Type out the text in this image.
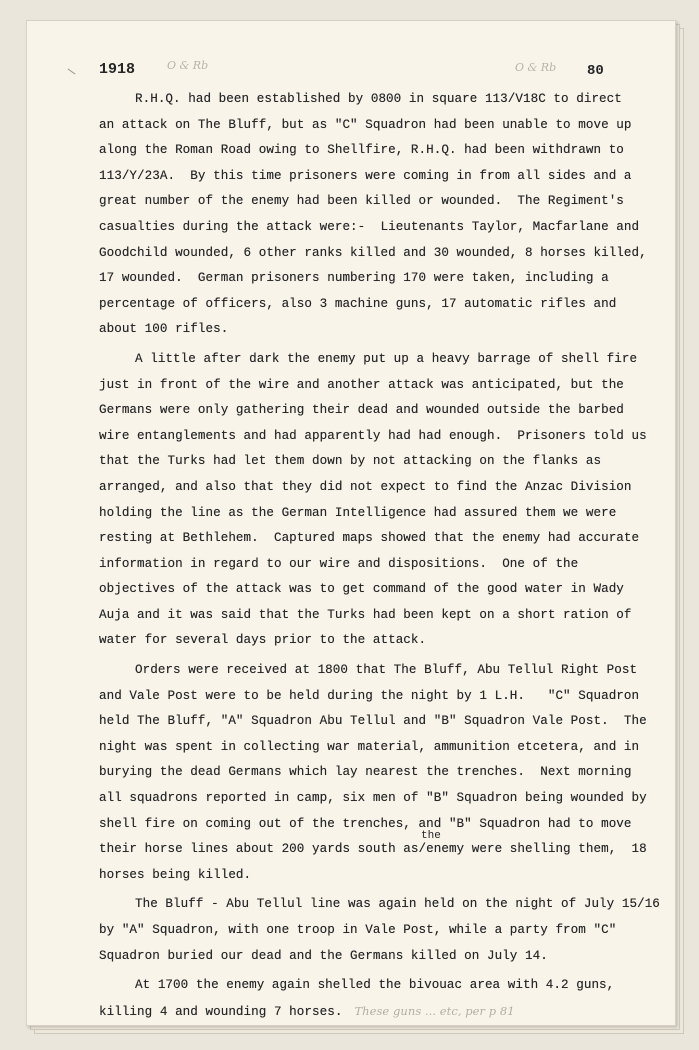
1918	O & Rb	O & Rb 80
R.H.Q. had been established by 0800 in square 113/V18C to direct
an attack on The Bluff, but as "C" Squadron had been unable to move up
along the Roman Road owing to Shellfire, R.H.Q. had been withdrawn to
113/Y/23A.  By this time prisoners were coming in from all sides and a
great number of the enemy had been killed or wounded.  The Regiment's
casualties during the attack were:-  Lieutenants Taylor, Macfarlane and
Goodchild wounded, 6 other ranks killed and 30 wounded, 8 horses killed,
17 wounded.  German prisoners numbering 170 were taken, including a
percentage of officers, also 3 machine guns, 17 automatic rifles and
about 100 rifles.
A little after dark the enemy put up a heavy barrage of shell fire
just in front of the wire and another attack was anticipated, but the
Germans were only gathering their dead and wounded outside the barbed
wire entanglements and had apparently had had enough.  Prisoners told us
that the Turks had let them down by not attacking on the flanks as
arranged, and also that they did not expect to find the Anzac Division
holding the line as the German Intelligence had assured them we were
resting at Bethlehem.  Captured maps showed that the enemy had accurate
information in regard to our wire and dispositions.  One of the
objectives of the attack was to get command of the good water in Wady
Auja and it was said that the Turks had been kept on a short ration of
water for several days prior to the attack.
Orders were received at 1800 that The Bluff, Abu Tellul Right Post
and Vale Post were to be held during the night by 1 L.H.   "C" Squadron
held The Bluff, "A" Squadron Abu Tellul and "B" Squadron Vale Post.  The
night was spent in collecting war material, ammunition etcetera, and in
burying the dead Germans which lay nearest the trenches.  Next morning
all squadrons reported in camp, six men of "B" Squadron being wounded by
shell fire on coming out of the trenches, and "B" Squadron had to move
the
their horse lines about 200 yards south as/enemy were shelling them,  18
horses being killed.
The Bluff - Abu Tellul line was again held on the night of July 15/16
by "A" Squadron, with one troop in Vale Post, while a party from "C"
Squadron buried our dead and the Germans killed on July 14.
At 1700 the enemy again shelled the bivouac area with 4.2 guns,
killing 4 and wounding 7 horses. These guns ... etc, per p 81
